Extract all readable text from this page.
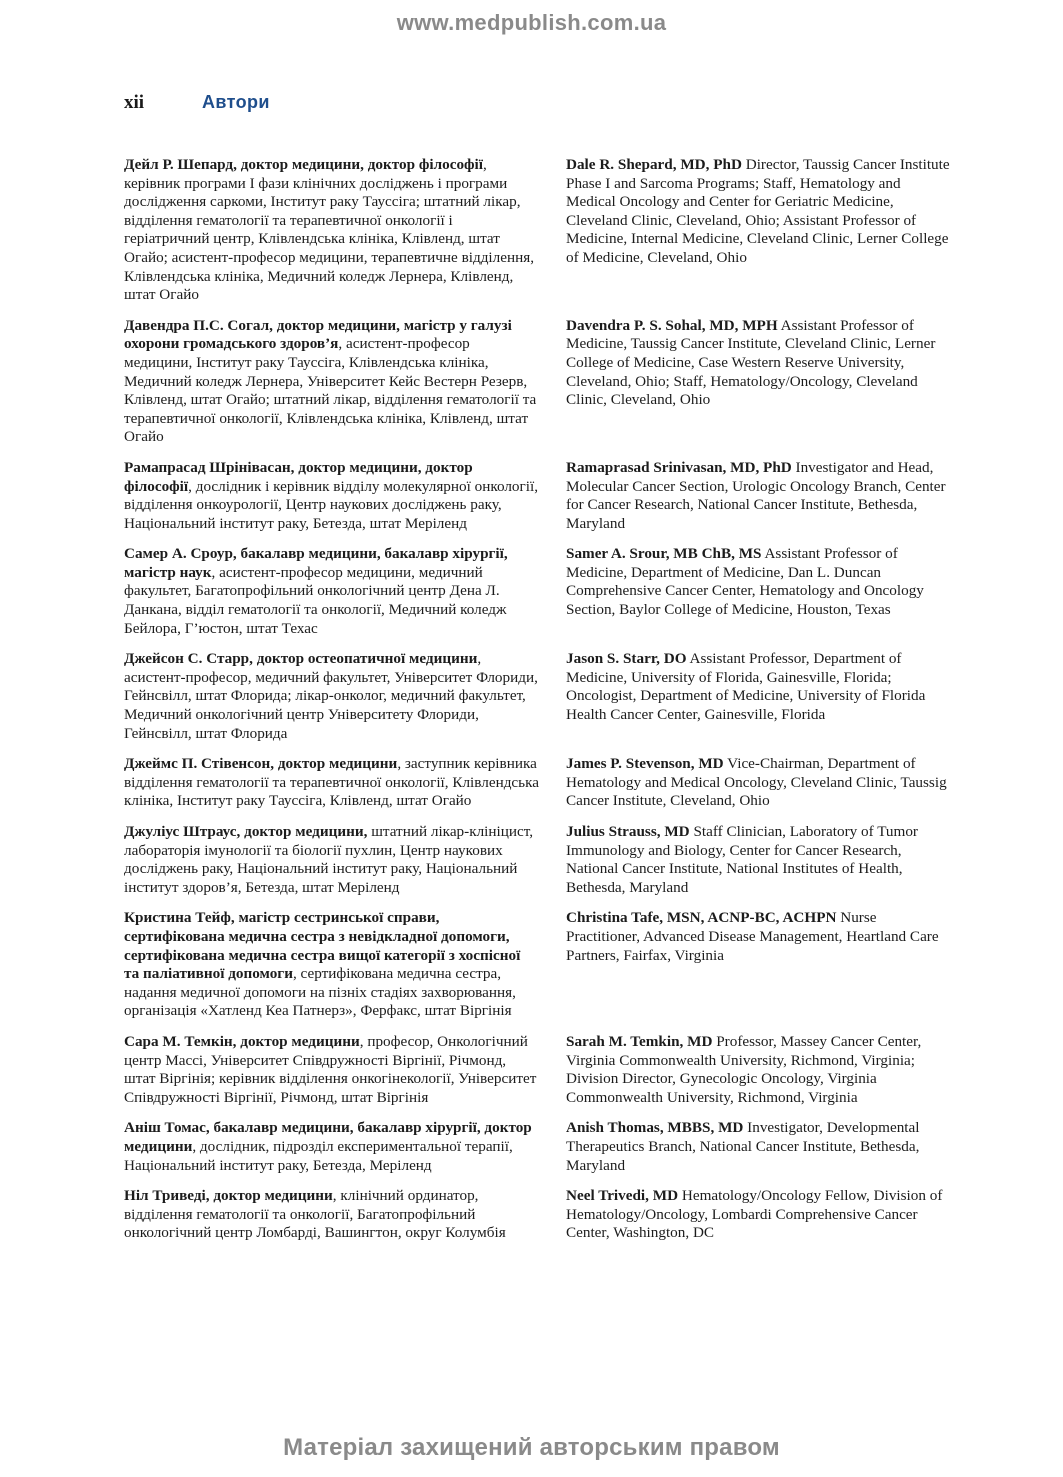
www.medpublish.com.ua
xii	Автори
Дейл Р. Шепард, доктор медицини, доктор філософії, керівник програми І фази клінічних досліджень і програми дослідження саркоми, Інститут раку Тауссіга; штатний лікар, відділення гематології та терапевтичної онкології і геріатричний центр, Клівлендська клініка, Клівленд, штат Огайо; асистент-професор медицини, терапевтичне відділення, Клівлендська клініка, Медичний коледж Лернера, Клівленд, штат Огайо
Dale R. Shepard, MD, PhD Director, Taussig Cancer Institute Phase I and Sarcoma Programs; Staff, Hematology and Medical Oncology and Center for Geriatric Medicine, Cleveland Clinic, Cleveland, Ohio; Assistant Professor of Medicine, Internal Medicine, Cleveland Clinic, Lerner College of Medicine, Cleveland, Ohio
Давендра П.С. Согал, доктор медицини, магістр у галузі охорони громадського здоров’я, асистент-професор медицини, Інститут раку Тауссіга, Клівлендська клініка, Медичний коледж Лернера, Університет Кейс Вестерн Резерв, Клівленд, штат Огайо; штатний лікар, відділення гематології та терапевтичної онкології, Клівлендська клініка, Клівленд, штат Огайо
Davendra P. S. Sohal, MD, MPH Assistant Professor of Medicine, Taussig Cancer Institute, Cleveland Clinic, Lerner College of Medicine, Case Western Reserve University, Cleveland, Ohio; Staff, Hematology/Oncology, Cleveland Clinic, Cleveland, Ohio
Рамапрасад Шрінівасан, доктор медицини, доктор філософії, дослідник і керівник відділу молекулярної онкології, відділення онкоурології, Центр наукових досліджень раку, Національний інститут раку, Бетезда, штат Меріленд
Ramaprasad Srinivasan, MD, PhD Investigator and Head, Molecular Cancer Section, Urologic Oncology Branch, Center for Cancer Research, National Cancer Institute, Bethesda, Maryland
Самер А. Сроур, бакалавр медицини, бакалавр хірургії, магістр наук, асистент-професор медицини, медичний факультет, Багатопрофільний онкологічний центр Дена Л. Данкана, відділ гематології та онкології, Медичний коледж Бейлора, Г’юстон, штат Техас
Samer A. Srour, MB ChB, MS Assistant Professor of Medicine, Department of Medicine, Dan L. Duncan Comprehensive Cancer Center, Hematology and Oncology Section, Baylor College of Medicine, Houston, Texas
Джейсон С. Старр, доктор остеопатичної медицини, асистент-професор, медичний факультет, Університет Флориди, Гейнсвілл, штат Флорида; лікар-онколог, медичний факультет, Медичний онкологічний центр Університету Флориди, Гейнсвілл, штат Флорида
Jason S. Starr, DO Assistant Professor, Department of Medicine, University of Florida, Gainesville, Florida; Oncologist, Department of Medicine, University of Florida Health Cancer Center, Gainesville, Florida
Джеймс П. Стівенсон, доктор медицини, заступник керівника відділення гематології та терапевтичної онкології, Клівлендська клініка, Інститут раку Тауссіга, Клівленд, штат Огайо
James P. Stevenson, MD Vice-Chairman, Department of Hematology and Medical Oncology, Cleveland Clinic, Taussig Cancer Institute, Cleveland, Ohio
Джуліус Штраус, доктор медицини, штатний лікар-клініцист, лабораторія імунології та біології пухлин, Центр наукових досліджень раку, Національний інститут раку, Національний інститут здоров’я, Бетезда, штат Меріленд
Julius Strauss, MD Staff Clinician, Laboratory of Tumor Immunology and Biology, Center for Cancer Research, National Cancer Institute, National Institutes of Health, Bethesda, Maryland
Кристина Тейф, магістр сестринської справи, сертифікована медична сестра з невідкладної допомоги, сертифікована медична сестра вищої категорії з хоспісної та паліативної допомоги, сертифікована медична сестра, надання медичної допомоги на пізніх стадіях захворювання, організація «Хатленд Кеа Патнерз», Ферфакс, штат Віргінія
Christina Tafe, MSN, ACNP-BC, ACHPN Nurse Practitioner, Advanced Disease Management, Heartland Care Partners, Fairfax, Virginia
Сара М. Темкін, доктор медицини, професор, Онкологічний центр Массі, Університет Співдружності Віргінії, Річмонд, штат Віргінія; керівник відділення онкогінекології, Університет Співдружності Віргінії, Річмонд, штат Віргінія
Sarah M. Temkin, MD Professor, Massey Cancer Center, Virginia Commonwealth University, Richmond, Virginia; Division Director, Gynecologic Oncology, Virginia Commonwealth University, Richmond, Virginia
Аніш Томас, бакалавр медицини, бакалавр хірургії, доктор медицини, дослідник, підрозділ експериментальної терапії, Національний інститут раку, Бетезда, Меріленд
Anish Thomas, MBBS, MD Investigator, Developmental Therapeutics Branch, National Cancer Institute, Bethesda, Maryland
Ніл Триведі, доктор медицини, клінічний ординатор, відділення гематології та онкології, Багатопрофільний онкологічний центр Ломбарді, Вашингтон, округ Колумбія
Neel Trivedi, MD Hematology/Oncology Fellow, Division of Hematology/Oncology, Lombardi Comprehensive Cancer Center, Washington, DC
Матеріал захищений авторським правом
